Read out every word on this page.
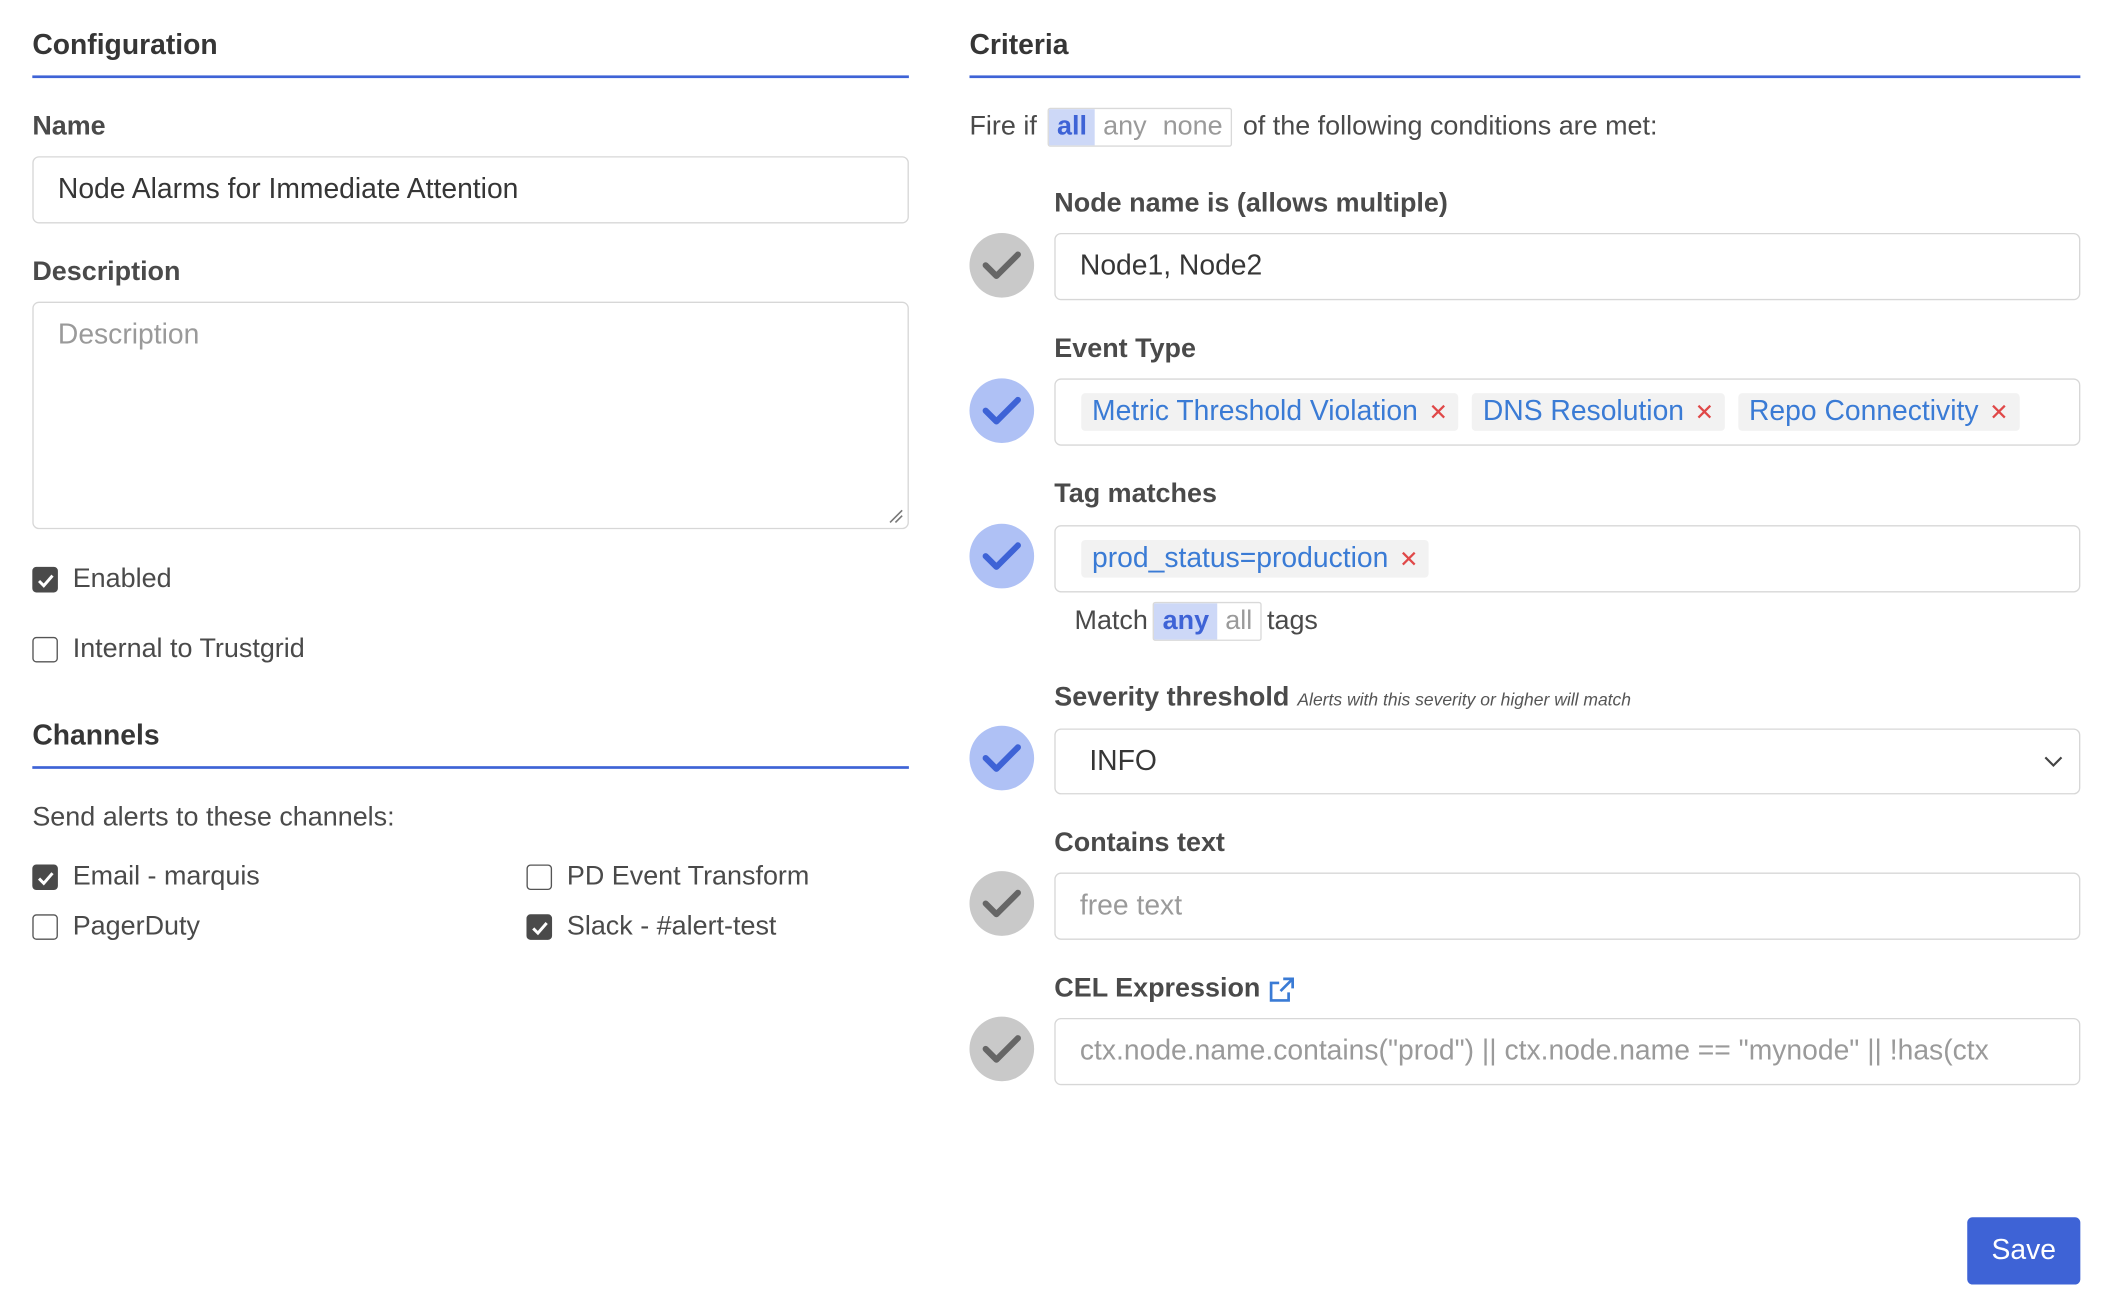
Configuration
Name
Node Alarms for Immediate Attention
Description
Description
Enabled
Internal to Trustgrid
Channels
Send alerts to these channels:
Email - marquis	PD Event Transform
PagerDuty	Slack - #alert-test
Criteria
Fire if	all any none	of the following conditions are met:
Node name is (allows multiple)
Node1, Node2
Event Type
Metric Threshold Violation ✕ DNS Resolution ✕ Repo Connectivity ✕
Tag matches
prod_status=production ✕
Match any all tags
Severity threshold Alerts with this severity or higher will match
INFO
Contains text
free text
CEL Expression
ctx.node.name.contains("prod") || ctx.node.name == "mynode" || !has(ctx
Save
